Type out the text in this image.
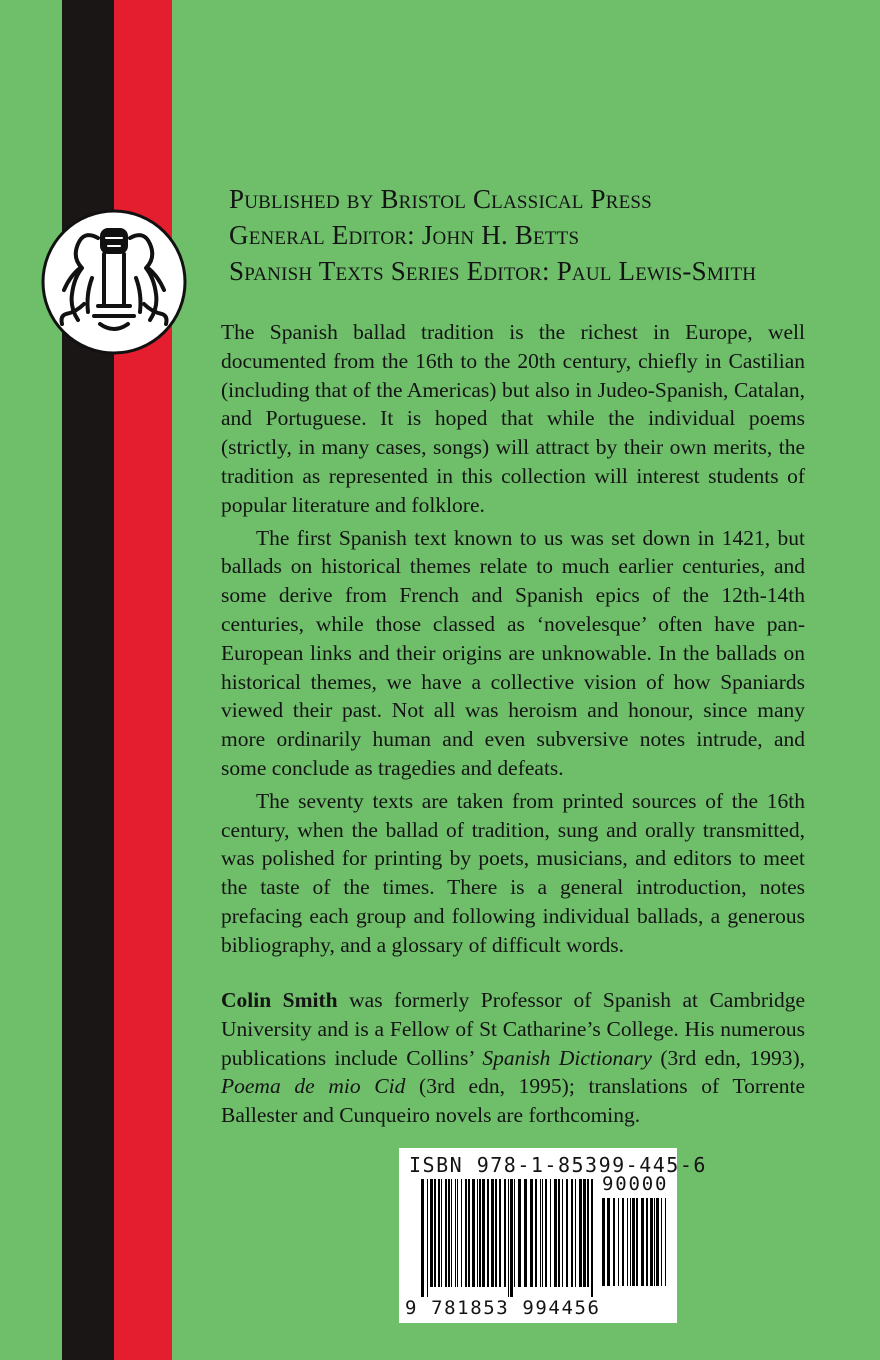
Published by Bristol Classical Press
General Editor: John H. Betts
Spanish Texts Series Editor: Paul Lewis-Smith

The Spanish ballad tradition is the richest in Europe, well documented from the 16th to the 20th century, chiefly in Castilian (including that of the Americas) but also in Judeo-Spanish, Catalan, and Portuguese. It is hoped that while the individual poems (strictly, in many cases, songs) will attract by their own merits, the tradition as represented in this collection will interest students of popular literature and folklore.

The first Spanish text known to us was set down in 1421, but ballads on historical themes relate to much earlier centuries, and some derive from French and Spanish epics of the 12th-14th centuries, while those classed as ‘novelesque’ often have pan-European links and their origins are unknowable. In the ballads on historical themes, we have a collective vision of how Spaniards viewed their past. Not all was heroism and honour, since many more ordinarily human and even subversive notes intrude, and some conclude as tragedies and defeats.

The seventy texts are taken from printed sources of the 16th century, when the ballad of tradition, sung and orally transmitted, was polished for printing by poets, musicians, and editors to meet the taste of the times. There is a general introduction, notes prefacing each group and following individual ballads, a generous bibliography, and a glossary of difficult words.

Colin Smith was formerly Professor of Spanish at Cambridge University and is a Fellow of St Catharine’s College. His numerous publications include Collins’ Spanish Dictionary (3rd edn, 1993), Poema de mio Cid (3rd edn, 1995); translations of Torrente Ballester and Cunqueiro novels are forthcoming.
ISBN 978-1-85399-445-6
90000
9 781853 994456
